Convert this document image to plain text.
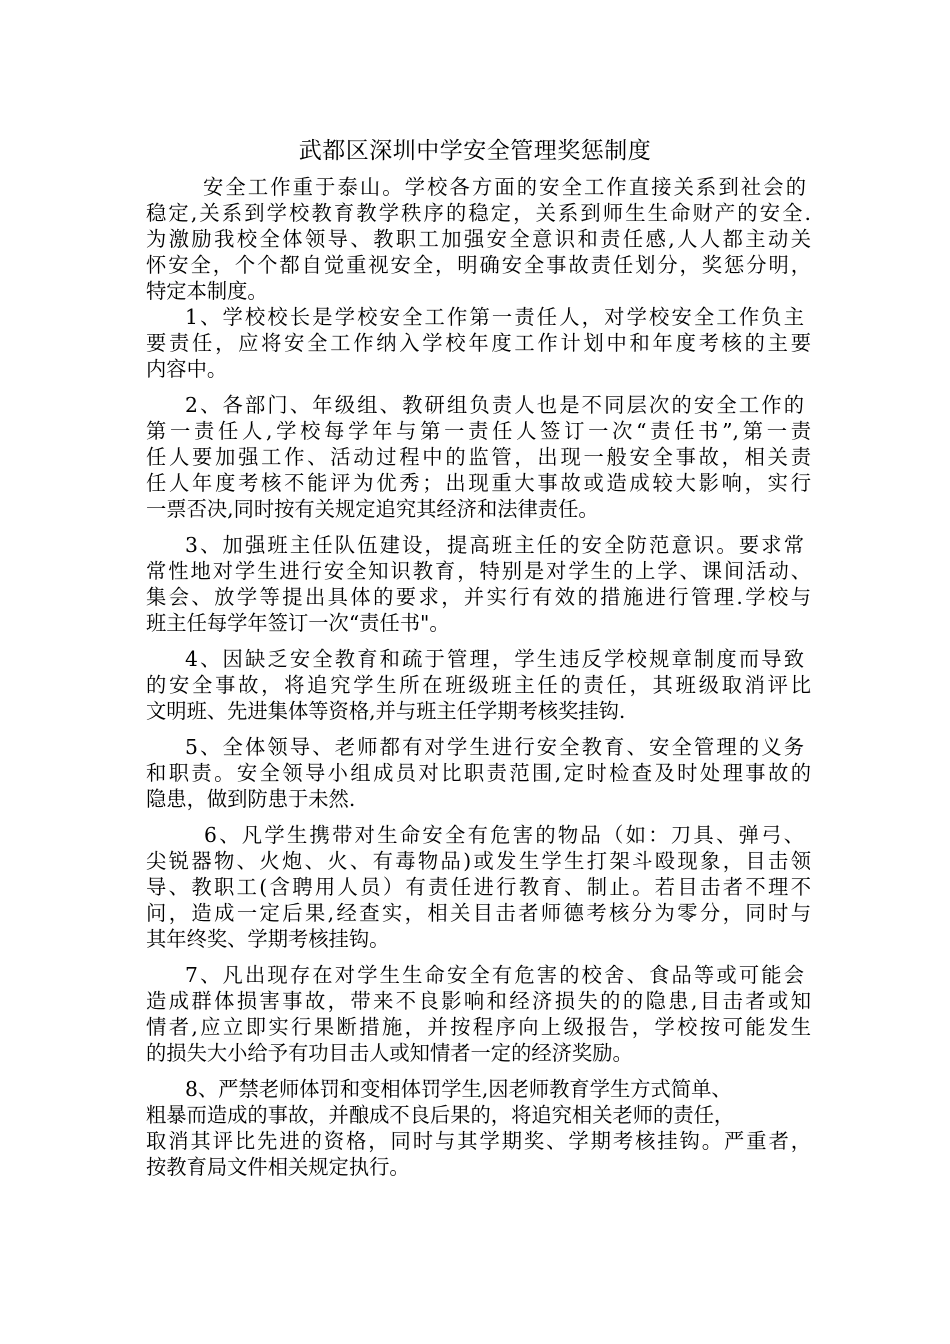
武都区深圳中学安全管理奖惩制度

安全工作重于泰山。学校各方面的安全工作直接关系到社会的

稳定,关系到学校教育教学秩序的稳定，关系到师生生命财产的安全.

为激励我校全体领导、教职工加强安全意识和责任感,人人都主动关

怀安全，个个都自觉重视安全，明确安全事故责任划分，奖惩分明，

特定本制度。

1、学校校长是学校安全工作第一责任人，对学校安全工作负主

要责任，应将安全工作纳入学校年度工作计划中和年度考核的主要

内容中。

2、各部门、年级组、教研组负责人也是不同层次的安全工作的

第一责任人,学校每学年与第一责任人签订一次“责任书”,第一责

任人要加强工作、活动过程中的监管，出现一般安全事故，相关责

任人年度考核不能评为优秀；出现重大事故或造成较大影响，实行

一票否决,同时按有关规定追究其经济和法律责任。

3、加强班主任队伍建设，提高班主任的安全防范意识。要求常

常性地对学生进行安全知识教育，特别是对学生的上学、课间活动、

集会、放学等提出具体的要求，并实行有效的措施进行管理.学校与

班主任每学年签订一次“责任书"。

4、因缺乏安全教育和疏于管理，学生违反学校规章制度而导致

的安全事故，将追究学生所在班级班主任的责任，其班级取消评比

文明班、先进集体等资格,并与班主任学期考核奖挂钩.

5、全体领导、老师都有对学生进行安全教育、安全管理的义务

和职责。安全领导小组成员对比职责范围,定时检查及时处理事故的

隐患，做到防患于未然.

6、凡学生携带对生命安全有危害的物品（如：刀具、弹弓、

尖锐器物、火炮、火、有毒物品)或发生学生打架斗殴现象，目击领

导、教职工(含聘用人员）有责任进行教育、制止。若目击者不理不

问，造成一定后果,经查实，相关目击者师德考核分为零分，同时与

其年终奖、学期考核挂钩。

7、凡出现存在对学生生命安全有危害的校舍、食品等或可能会

造成群体损害事故，带来不良影响和经济损失的的隐患,目击者或知

情者,应立即实行果断措施，并按程序向上级报告，学校按可能发生

的损失大小给予有功目击人或知情者一定的经济奖励。

8、严禁老师体罚和变相体罚学生,因老师教育学生方式简单、

粗暴而造成的事故，并酿成不良后果的，将追究相关老师的责任，

取消其评比先进的资格，同时与其学期奖、学期考核挂钩。严重者，

按教育局文件相关规定执行。
